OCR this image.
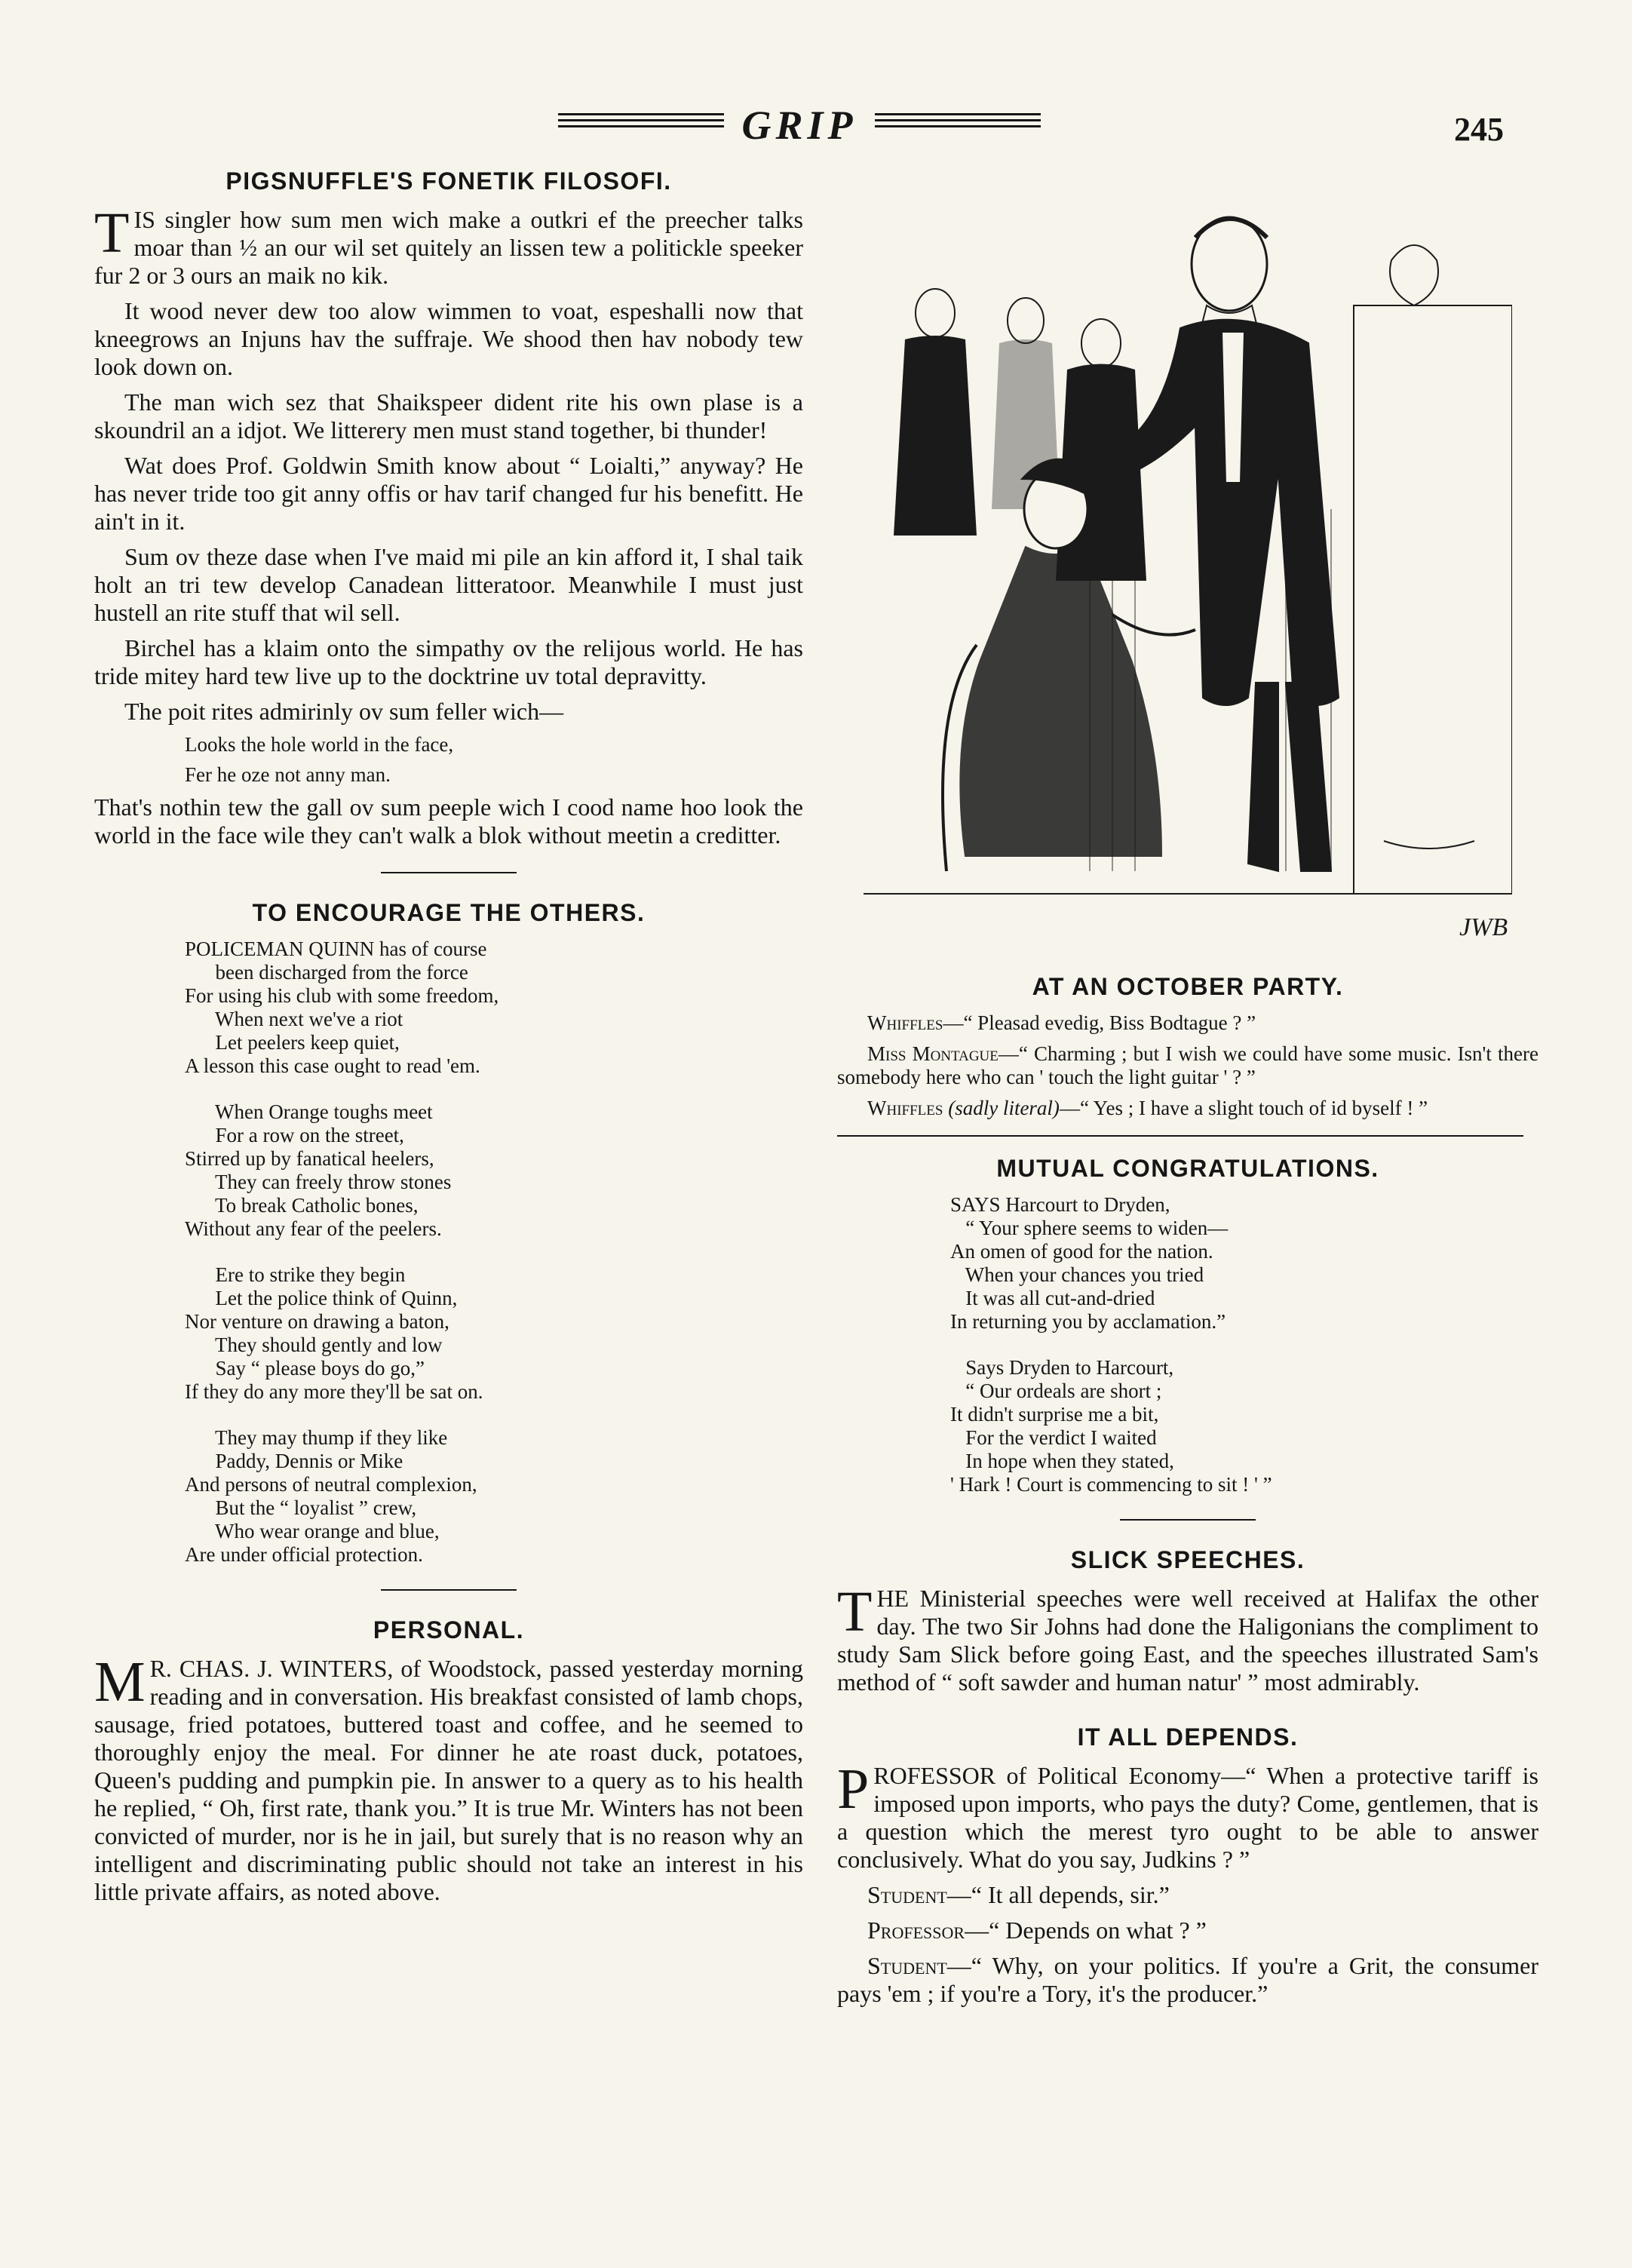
GRIP	245
PIGSNUFFLE'S FONETIK FILOSOFI.

TIS singler how sum men wich make a outkri ef the preecher talks moar than ½ an our wil set quitely an lissen tew a politickle speeker fur 2 or 3 ours an maik no kik.

It wood never dew too alow wimmen to voat, espeshalli now that kneegrows an Injuns hav the suffraje. We shood then hav nobody tew look down on.

The man wich sez that Shaikspeer dident rite his own plase is a skoundril an a idjot. We litterery men must stand together, bi thunder!

Wat does Prof. Goldwin Smith know about “ Loialti,” anyway? He has never tride too git anny offis or hav tarif changed fur his benefitt. He ain't in it.

Sum ov theze dase when I've maid mi pile an kin afford it, I shal taik holt an tri tew develop Canadean litteratoor. Meanwhile I must just hustell an rite stuff that wil sell.

Birchel has a klaim onto the simpathy ov the relijous world. He has tride mitey hard tew live up to the docktrine uv total depravitty.

The poit rites admirinly ov sum feller wich—

Looks the hole world in the face,
Fer he oze not anny man.

That's nothin tew the gall ov sum peeple wich I cood name hoo look the world in the face wile they can't walk a blok without meetin a creditter.

TO ENCOURAGE THE OTHERS.
POLICEMAN QUINN has of course
been discharged from the force
For using his club with some freedom,
When next we've a riot
Let peelers keep quiet,
A lesson this case ought to read 'em.
When Orange toughs meet
For a row on the street,
Stirred up by fanatical heelers,
They can freely throw stones
To break Catholic bones,
Without any fear of the peelers.
Ere to strike they begin
Let the police think of Quinn,
Nor venture on drawing a baton,
They should gently and low
Say “ please boys do go,”
If they do any more they'll be sat on.
They may thump if they like
Paddy, Dennis or Mike
And persons of neutral complexion,
But the “ loyalist ” crew,
Who wear orange and blue,
Are under official protection.
PERSONAL.

MR. CHAS. J. WINTERS, of Woodstock, passed yesterday morning reading and in conversation. His breakfast consisted of lamb chops, sausage, fried potatoes, buttered toast and coffee, and he seemed to thoroughly enjoy the meal. For dinner he ate roast duck, potatoes, Queen's pudding and pumpkin pie. In answer to a query as to his health he replied, “ Oh, first rate, thank you.” It is true Mr. Winters has not been convicted of murder, nor is he in jail, but surely that is no reason why an intelligent and discriminating public should not take an interest in his little private affairs, as noted above.

JWB
AT AN OCTOBER PARTY.

Whiffles—“ Pleasad evedig, Biss Bodtague ? ”

Miss Montague—“ Charming ; but I wish we could have some music. Isn't there somebody here who can ' touch the light guitar ' ? ”

Whiffles (sadly literal)—“ Yes ; I have a slight touch of id byself ! ”

MUTUAL CONGRATULATIONS.
SAYS Harcourt to Dryden,
“ Your sphere seems to widen—
An omen of good for the nation.
When your chances you tried
It was all cut-and-dried
In returning you by acclamation.”
Says Dryden to Harcourt,
“ Our ordeals are short ;
It didn't surprise me a bit,
For the verdict I waited
In hope when they stated,
' Hark ! Court is commencing to sit ! ' ”
SLICK SPEECHES.

THE Ministerial speeches were well received at Halifax the other day. The two Sir Johns had done the Haligonians the compliment to study Sam Slick before going East, and the speeches illustrated Sam's method of “ soft sawder and human natur' ” most admirably.

IT ALL DEPENDS.

PROFESSOR of Political Economy—“ When a protective tariff is imposed upon imports, who pays the duty? Come, gentlemen, that is a question which the merest tyro ought to be able to answer conclusively. What do you say, Judkins ? ”

Student—“ It all depends, sir.”

Professor—“ Depends on what ? ”

Student—“ Why, on your politics. If you're a Grit, the consumer pays 'em ; if you're a Tory, it's the producer.”
